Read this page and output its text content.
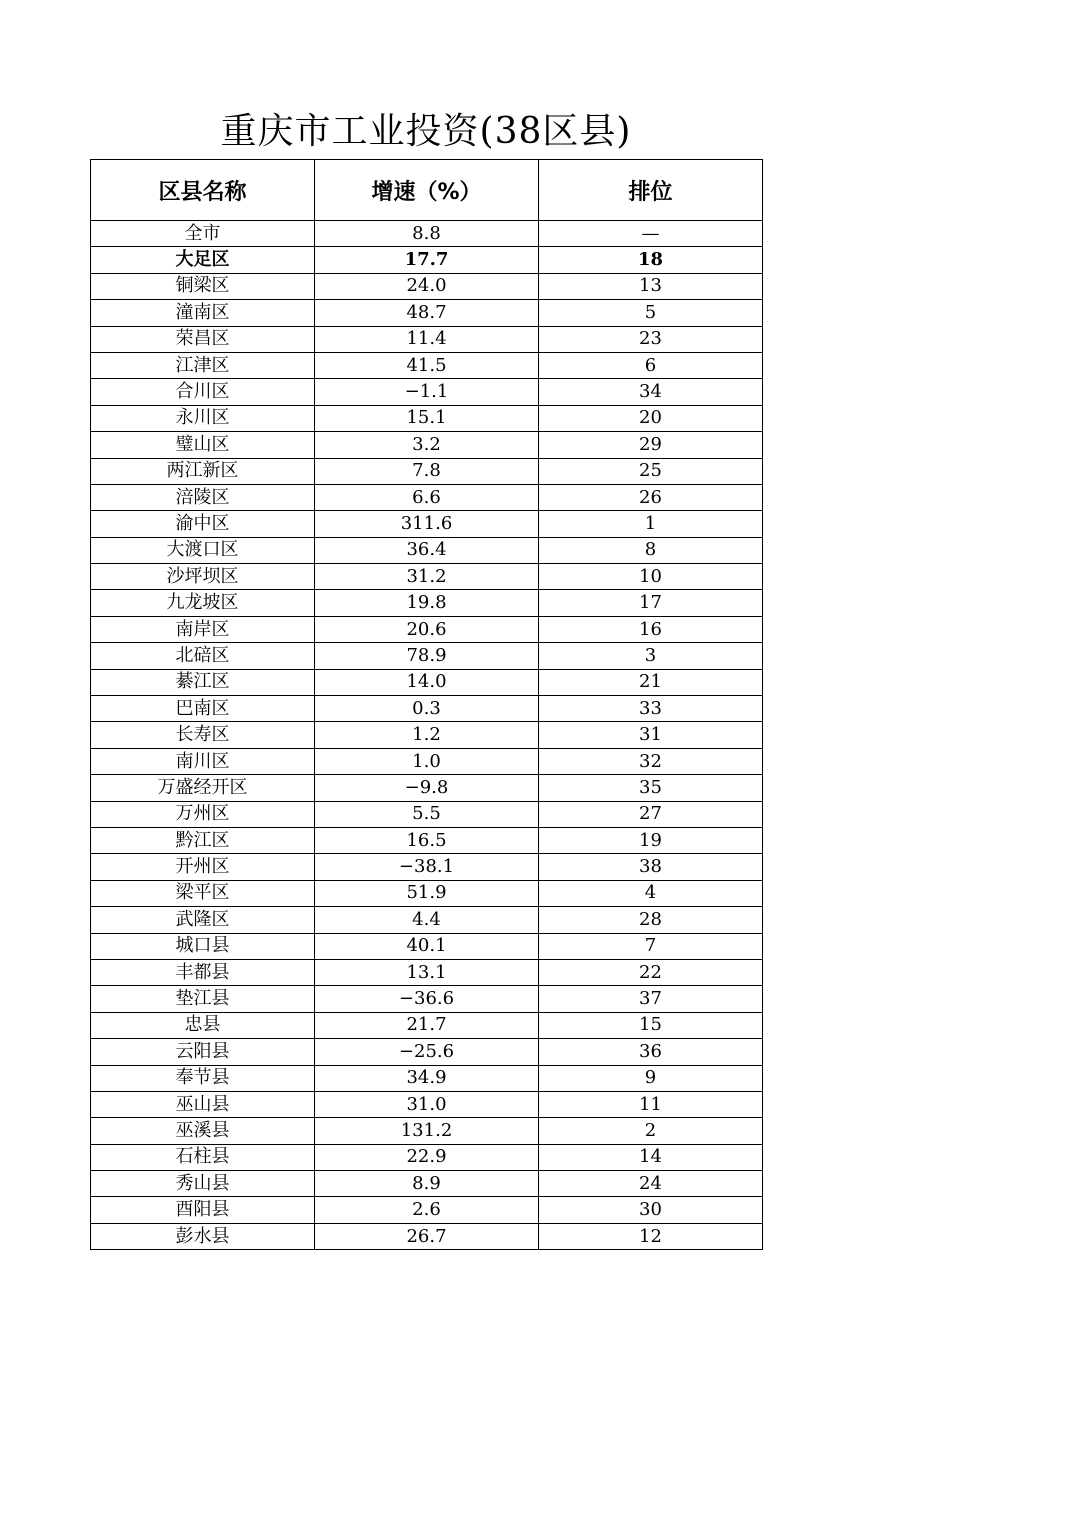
重庆市工业投资(38区县)
区县名称	增速（%）	排位
全市	8.8	—
大足区	17.7	18
铜梁区	24.0	13
潼南区	48.7	5
荣昌区	11.4	23
江津区	41.5	6
合川区	−1.1	34
永川区	15.1	20
璧山区	3.2	29
两江新区	7.8	25
涪陵区	6.6	26
渝中区	311.6	1
大渡口区	36.4	8
沙坪坝区	31.2	10
九龙坡区	19.8	17
南岸区	20.6	16
北碚区	78.9	3
綦江区	14.0	21
巴南区	0.3	33
长寿区	1.2	31
南川区	1.0	32
万盛经开区	−9.8	35
万州区	5.5	27
黔江区	16.5	19
开州区	−38.1	38
梁平区	51.9	4
武隆区	4.4	28
城口县	40.1	7
丰都县	13.1	22
垫江县	−36.6	37
忠县	21.7	15
云阳县	−25.6	36
奉节县	34.9	9
巫山县	31.0	11
巫溪县	131.2	2
石柱县	22.9	14
秀山县	8.9	24
酉阳县	2.6	30
彭水县	26.7	12
